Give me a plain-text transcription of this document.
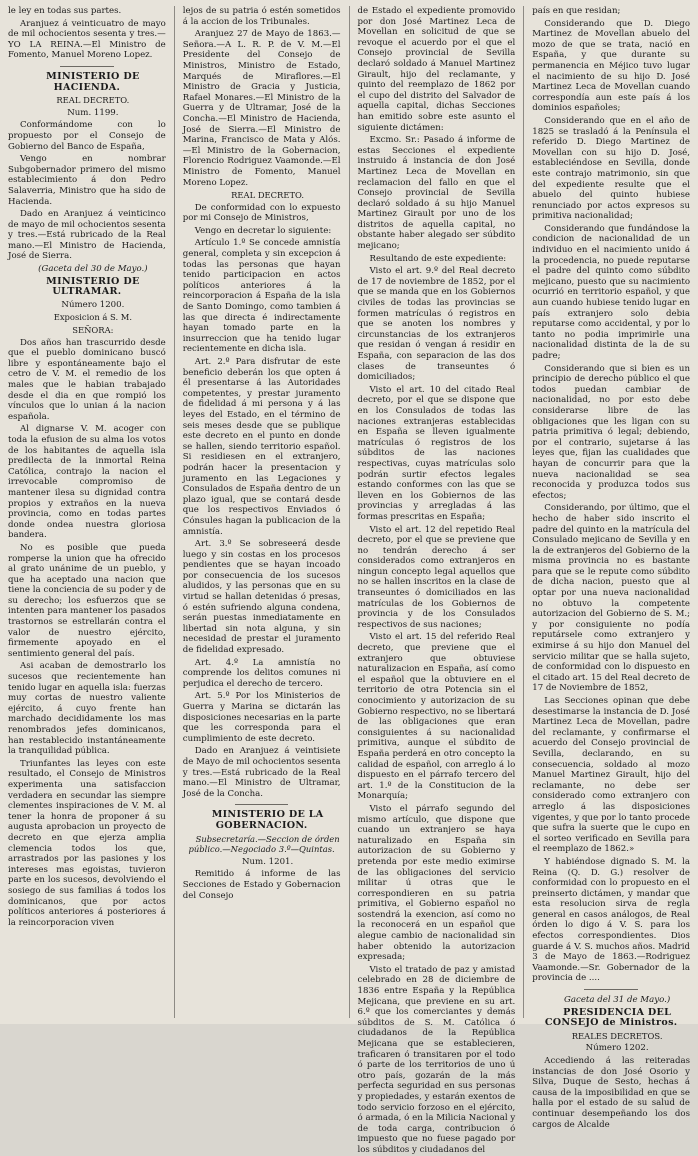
le ley en todas sus partes.

Aranjuez á veinticuatro de mayo de mil ochocientos sesenta y tres.—YO LA REINA.—El Ministro de Fomento, Manuel Moreno Lopez.

MINISTERIO DE HACIENDA.

REAL DECRETO.

Num. 1199.

Conformándome con lo propuesto por el Consejo de Gobierno del Banco de España,

Vengo en nombrar Subgobernador primero del mismo establecimiento á don Pedro Salaverria, Ministro que ha sido de Hacienda.

Dado en Aranjuez á veinticinco de mayo de mil ochocientos sesenta y tres.—Está rubricado de la Real mano.—El Ministro de Hacienda, José de Sierra.

(Gaceta del 30 de Mayo.)

MINISTERIO DE ULTRAMAR.

Número 1200.

Exposicion á S. M.

SEÑORA:

Dos años han trascurrido desde que el pueblo dominicano buscó libre y espontáneamente bajo el cetro de V. M. el remedio de los males que le habian trabajado desde el dia en que rompió los vínculos que lo unian á la nacion española.

Al dignarse V. M. acoger con toda la efusion de su alma los votos de los habitantes de aquella isla predilecta de la inmortal Reina Católica, contrajo la nacion el irrevocable compromiso de mantener ilesa su dignidad contra propios y extraños en la nueva provincia, como en todas partes donde ondea nuestra gloriosa bandera.

No es posible que pueda romperse la union que ha ofrecido al grato unánime de un pueblo, y que ha aceptado una nacion que tiene la conciencia de su poder y de su derecho; los esfuerzos que se intenten para mantener los pasados trastornos se estrellarán contra el valor de nuestro ejército, firmemente apoyado en el sentimiento general del país.

Asi acaban de demostrarlo los sucesos que recientemente han tenido lugar en aquella isla: fuerzas muy cortas de nuestro valiente ejército, á cuyo frente han marchado decididamente los mas renombrados jefes dominicanos, han restablecido instantáneamente la tranquilidad pública.

Triunfantes las leyes con este resultado, el Consejo de Ministros experimenta una satisfaccion verdadera en secundar las siempre clementes inspiraciones de V. M. al tener la honra de proponer á su augusta aprobacion un proyecto de decreto en que ejerza amplia clemencia todos los que, arrastrados por las pasiones y los intereses mas egoistas, tuvieron parte en los sucesos, devolviendo el sosiego de sus familias á todos los dominicanos, que por actos políticos anteriores á posteriores á la reincorporacion viven

lejos de su patria ó estén sometidos á la accion de los Tribunales.

Aranjuez 27 de Mayo de 1863.—Señora.—A L. R. P. de V. M.—El Presidente del Consejo de Ministros, Ministro de Estado, Marqués de Miraflores.—El Ministro de Gracia y Justicia, Rafael Monares.—El Ministro de la Guerra y de Ultramar, José de la Concha.—El Ministro de Hacienda, José de Sierra.—El Ministro de Marina, Francisco de Mata y Alós.—El Ministro de la Gobernacion, Florencio Rodriguez Vaamonde.—El Ministro de Fomento, Manuel Moreno Lopez.

REAL DECRETO.

De conformidad con lo expuesto por mi Consejo de Ministros,

Vengo en decretar lo siguiente:

Artículo 1.º Se concede amnistía general, completa y sin excepcion á todas las personas que hayan tenido participacion en actos políticos anteriores á la reincorporacion á España de la isla de Santo Domingo, como tambien á las que directa é indirectamente hayan tomado parte en la insurreccion que ha tenido lugar recientemente en dicha isla.

Art. 2.º Para disfrutar de este beneficio deberán los que opten á él presentarse á las Autoridades competentes, y prestar juramento de fidelidad á mi persona y á las leyes del Estado, en el término de seis meses desde que se publique este decreto en el punto en donde se hallen, siendo territorio español. Si residiesen en el extranjero, podrán hacer la presentacion y juramento en las Legaciones y Consulados de España dentro de un plazo igual, que se contará desde que los respectivos Enviados ó Cónsules hagan la publicacion de la amnistía.

Art. 3.º Se sobreseerá desde luego y sin costas en los procesos pendientes que se hayan incoado por consecuencia de los sucesos aludidos, y las personas que en su virtud se hallan detenidas ó presas, ó estén sufriendo alguna condena, serán puestas inmediatamente en libertad sin nota alguna, y sin necesidad de prestar el juramento de fidelidad expresado.

Art. 4.º La amnistía no comprende los delitos comunes ni perjudica el derecho de tercero.

Art. 5.º Por los Ministerios de Guerra y Marina se dictarán las disposiciones necesarias en la parte que les corresponda para el cumplimiento de este decreto.

Dado en Aranjuez á veintisiete de Mayo de mil ochocientos sesenta y tres.—Está rubricado de la Real mano.—El Ministro de Ultramar, José de la Concha.

MINISTERIO DE LA GOBERNACION.

Subsecretaría.—Seccion de órden público.—Negociado 3.º—Quintas.

Num. 1201.

Remitido á informe de las Secciones de Estado y Gobernacion del Consejo

de Estado el expediente promovido por don José Martinez Leca de Movellan en solicitud de que se revoque el acuerdo por el que el Consejo provincial de Sevilla declaró soldado á Manuel Martinez Girault, hijo del reclamante, y quinto del reemplazo de 1862 por el cupo del distrito del Salvador de aquella capital, dichas Secciones han emitido sobre este asunto el siguiente dictámen:

Excmo. Sr.: Pasado á informe de estas Secciones el expediente instruido á instancia de don José Martinez Leca de Movellan en reclamacion del fallo en que el Consejo provincial de Sevilla declaró soldado á su hijo Manuel Martinez Girault por uno de los distritos de aquella capital, no obstante haber alegado ser súbdito mejicano;

Resultando de este expediente:

Visto el art. 9.º del Real decreto de 17 de noviembre de 1852, por el que se manda que en los Gobiernos civiles de todas las provincias se formen matrículas ó registros en que se anoten los nombres y circunstancias de los extranjeros que residan ó vengan á residir en España, con separacion de las dos clases de transeuntes ó domiciliados;

Visto el art. 10 del citado Real decreto, por el que se dispone que en los Consulados de todas las naciones extranjeras establecidas en España se lleven igualmente matrículas ó registros de los súbditos de las naciones respectivas, cuyas matrículas solo podrán surtir efectos legales estando conformes con las que se lleven en los Gobiernos de las provincias y arregladas á las formas prescritas en España;

Visto el art. 12 del repetido Real decreto, por el que se previene que no tendrán derecho á ser considerados como extranjeros en ningun concepto legal aquellos que no se hallen inscritos en la clase de transeuntes ó domiciliados en las matrículas de los Gobiernos de provincia y de los Consulados respectivos de sus naciones;

Visto el art. 15 del referido Real decreto, que previene que el extranjero que obtuviese naturalizacion en España, así como el español que la obtuviere en el territorio de otra Potencia sin el conocimiento y autorizacion de su Gobierno respectivo, no se libertará de las obligaciones que eran consiguientes á su nacionalidad primitiva, aunque el súbdito de España perderá en otro concepto la calidad de español, con arreglo á lo dispuesto en el párrafo tercero del art. 1.º de la Constitucion de la Monarquía;

Visto el párrafo segundo del mismo artículo, que dispone que cuando un extranjero se haya naturalizado en España sin autorizacion de su Gobierno y pretenda por este medio eximirse de las obligaciones del servicio militar ú otras que le correspondieren en su patria primitiva, el Gobierno español no sostendrá la exencion, así como no la reconocerá en un español que alegue cambio de nacionalidad sin haber obtenido la autorizacion expresada;

Visto el tratado de paz y amistad celebrado en 28 de diciembre de 1836 entre España y la República Mejicana, que previene en su art. 6.º que los comerciantes y demás súbditos de S. M. Católica ó ciudadanos de la República Mejicana que se establecieren, traficaren ó transitaren por el todo ó parte de los territorios de uno ú otro país, gozarán de la más perfecta seguridad en sus personas y propiedades, y estarán exentos de todo servicio forzoso en el ejército, ó armada, ó en la Milicia Nacional y de toda carga, contribucion ó impuesto que no fuese pagado por los súbditos y ciudadanos del

país en que residan;

Considerando que D. Diego Martinez de Movellan abuelo del mozo de que se trata, nació en España, y que durante su permanencia en Méjico tuvo lugar el nacimiento de su hijo D. José Martinez Leca de Movellan cuando correspondía aun este país á los dominios españoles;

Considerando que en el año de 1825 se trasladó á la Península el referido D. Diego Martinez de Movellan con su hijo D. José, estableciéndose en Sevilla, donde este contrajo matrimonio, sin que del expediente resulte que el abuelo del quinto hubiese renunciado por actos expresos su primitiva nacionalidad;

Considerando que fundándose la condicion de nacionalidad de un individuo en el nacimiento unido á la procedencia, no puede reputarse el padre del quinto como súbdito mejicano, puesto que su nacimiento ocurrió en territorio español, y que aun cuando hubiese tenido lugar en país extranjero solo debia reputarse como accidental, y por lo tanto no podia imprimirle una nacionalidad distinta de la de su padre;

Considerando que si bien es un principio de derecho público el que todos puedan cambiar de nacionalidad, no por esto debe considerarse libre de las obligaciones que les ligan con su patria primitiva ó legal; debiendo, por el contrario, sujetarse á las leyes que, fijan las cualidades que hayan de concurrir para que la nueva nacionalidad se sea reconocida y produzca todos sus efectos;

Considerando, por último, que el hecho de haber sido inscrito el padre del quinto en la matrícula del Consulado mejicano de Sevilla y en la de extranjeros del Gobierno de la misma provincia no es bastante para que se le repute como súbdito de dicha nacion, puesto que al optar por una nueva nacionalidad no obtuvo la competente autorizacion del Gobierno de S. M.; y por consiguiente no podía reputársele como extranjero y eximirse á su hijo don Manuel del servicio militar que se halla sujeto, de conformidad con lo dispuesto en el citado art. 15 del Real decreto de 17 de Noviembre de 1852,

Las Secciones opinan que debe desestimarse la instancia de D. José Martinez Leca de Movellan, padre del reclamante, y confirmarse el acuerdo del Consejo provincial de Sevilla, declarando, en su consecuencia, soldado al mozo Manuel Martinez Girault, hijo del reclamante, no debe ser considerado como extranjero con arreglo á las disposiciones vigentes, y que por lo tanto procede que sufra la suerte que le cupo en el sorteo verificado en Sevilla para el reemplazo de 1862.»

Y habiéndose dignado S. M. la Reina (Q. D. G.) resolver de conformidad con lo propuesto en el preinserto dictámen, y mandar que esta resolucion sirva de regla general en casos análogos, de Real órden lo digo á V. S. para los efectos correspondientes. Dios guarde á V. S. muchos años. Madrid 3 de Mayo de 1863.—Rodriguez Vaamonde.—Sr. Gobernador de la provincia de ....

Gaceta del 31 de Mayo.)

PRESIDENCIA DEL CONSEJO de Ministros.

REALES DECRETOS.

Número 1202.

Accediendo á las reiteradas instancias de don José Osorio y Silva, Duque de Sesto, hechas á causa de la imposibilidad en que se halla por el estado de su salud de continuar desempeñando los dos cargos de Alcalde
